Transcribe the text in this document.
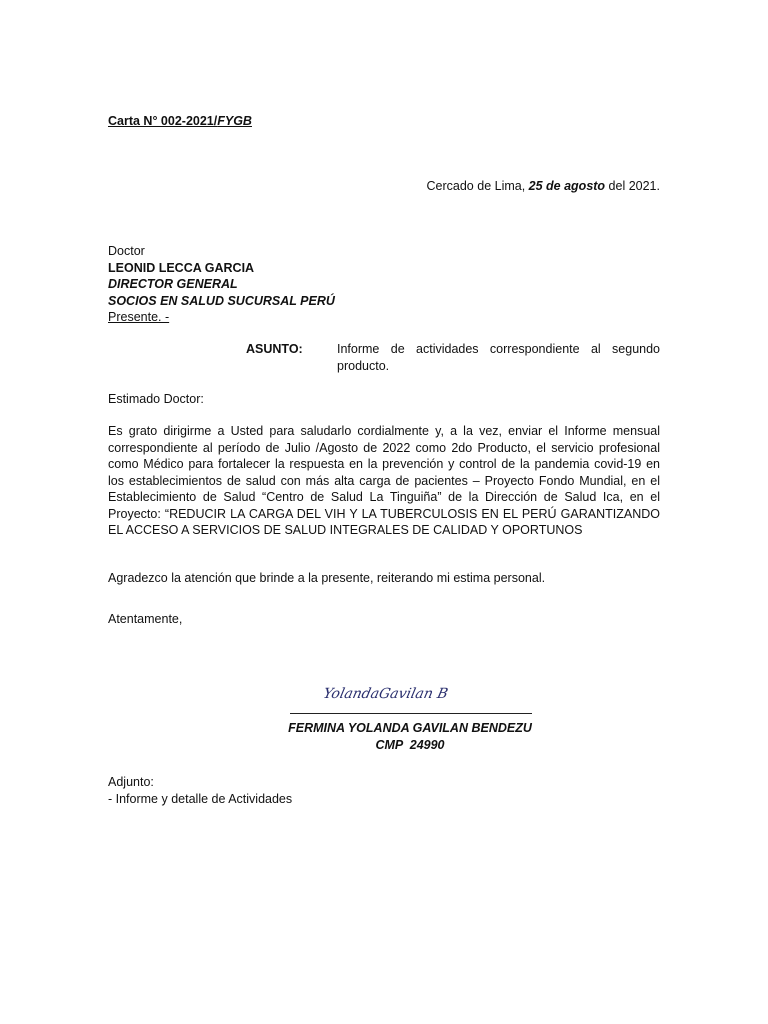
Carta N° 002-2021/FYGB
Cercado de Lima, 25 de agosto del 2021.
Doctor
LEONID LECCA GARCIA
DIRECTOR GENERAL
SOCIOS EN SALUD SUCURSAL PERÚ
Presente. -
ASUNTO:	Informe de actividades correspondiente al segundo producto.
Estimado Doctor:
Es grato dirigirme a Usted para saludarlo cordialmente y, a la vez, enviar el Informe mensual correspondiente al período de Julio /Agosto de 2022 como 2do Producto, el servicio profesional como Médico para fortalecer la respuesta en la prevención y control de la pandemia covid-19 en los establecimientos de salud con más alta carga de pacientes – Proyecto Fondo Mundial, en el Establecimiento de Salud “Centro de Salud La Tinguiña” de la Dirección de Salud Ica, en el Proyecto: “REDUCIR LA CARGA DEL VIH Y LA TUBERCULOSIS EN EL PERÚ GARANTIZANDO EL ACCESO A SERVICIOS DE SALUD INTEGRALES DE CALIDAD Y OPORTUNOS
Agradezco la atención que brinde a la presente, reiterando mi estima personal.
Atentamente,
YolandaGavilan B
FERMINA YOLANDA GAVILAN BENDEZU
CMP  24990
Adjunto:
- Informe y detalle de Actividades
